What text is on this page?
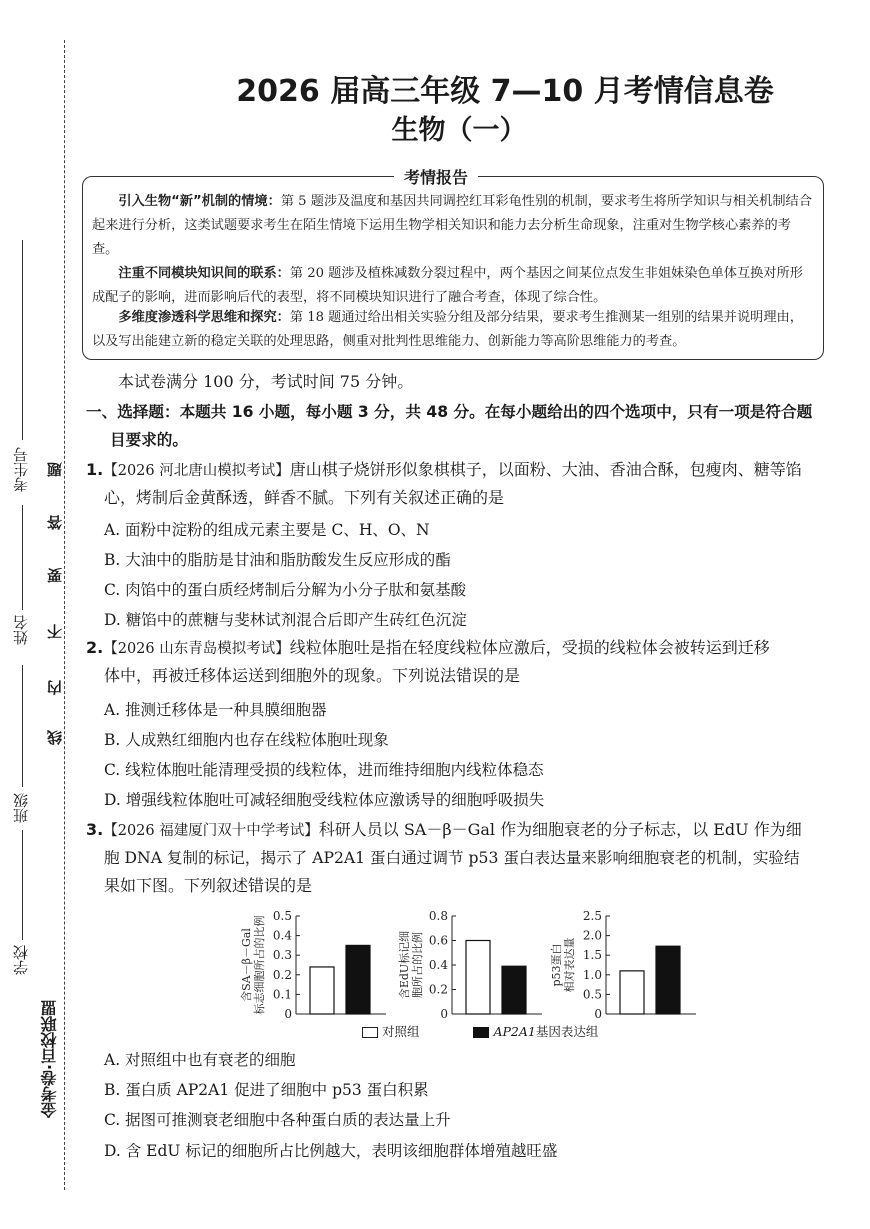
考生号
姓名
班级
学校
答
题
要
不
内
线
金考卷·百校联盟
2026 届高三年级 7—10 月考情信息卷
生物（一）
考情报告
引入生物“新”机制的情境：第 5 题涉及温度和基因共同调控红耳彩龟性别的机制，要求考生将所学知识与相关机制结合起来进行分析，这类试题要求考生在陌生情境下运用生物学相关知识和能力去分析生命现象，注重对生物学核心素养的考查。
注重不同模块知识间的联系：第 20 题涉及植株减数分裂过程中，两个基因之间某位点发生非姐妹染色单体互换对所形成配子的影响，进而影响后代的表型，将不同模块知识进行了融合考查，体现了综合性。
多维度渗透科学思维和探究：第 18 题通过给出相关实验分组及部分结果，要求考生推测某一组别的结果并说明理由，以及写出能建立新的稳定关联的处理思路，侧重对批判性思维能力、创新能力等高阶思维能力的考查。
本试卷满分 100 分，考试时间 75 分钟。
一、选择题：本题共 16 小题，每小题 3 分，共 48 分。在每小题给出的四个选项中，只有一项是符合题
目要求的。
1.【2026 河北唐山模拟考试】唐山棋子烧饼形似象棋棋子，以面粉、大油、香油合酥，包瘦肉、糖等馅
心，烤制后金黄酥透，鲜香不腻。下列有关叙述正确的是
A. 面粉中淀粉的组成元素主要是 C、H、O、N
B. 大油中的脂肪是甘油和脂肪酸发生反应形成的酯
C. 肉馅中的蛋白质经烤制后分解为小分子肽和氨基酸
D. 糖馅中的蔗糖与斐林试剂混合后即产生砖红色沉淀
2.【2026 山东青岛模拟考试】线粒体胞吐是指在轻度线粒体应激后，受损的线粒体会被转运到迁移
体中，再被迁移体运送到细胞外的现象。下列说法错误的是
A. 推测迁移体是一种具膜细胞器
B. 人成熟红细胞内也存在线粒体胞吐现象
C. 线粒体胞吐能清理受损的线粒体，进而维持细胞内线粒体稳态
D. 增强线粒体胞吐可减轻细胞受线粒体应激诱导的细胞呼吸损失
3.【2026 福建厦门双十中学考试】科研人员以 SA－β－Gal 作为细胞衰老的分子标志，以 EdU 作为细
胞 DNA 复制的标记，揭示了 AP2A1 蛋白通过调节 p53 蛋白表达量来影响细胞衰老的机制，实验结
果如下图。下列叙述错误的是
0
0.1
0.2
0.3
0.4
0.5
含SA－β－Gal 标志细胞所占的比例	0
0.2
0.4
0.6
0.8
含EdU标记细 胞所占的比例
0
0.5
1.0
1.5
2.0
2.5
p53蛋白 相对表达量
对照组	AP2A1基因表达组
A. 对照组中也有衰老的细胞
B. 蛋白质 AP2A1 促进了细胞中 p53 蛋白积累
C. 据图可推测衰老细胞中各种蛋白质的表达量上升
D. 含 EdU 标记的细胞所占比例越大，表明该细胞群体增殖越旺盛
